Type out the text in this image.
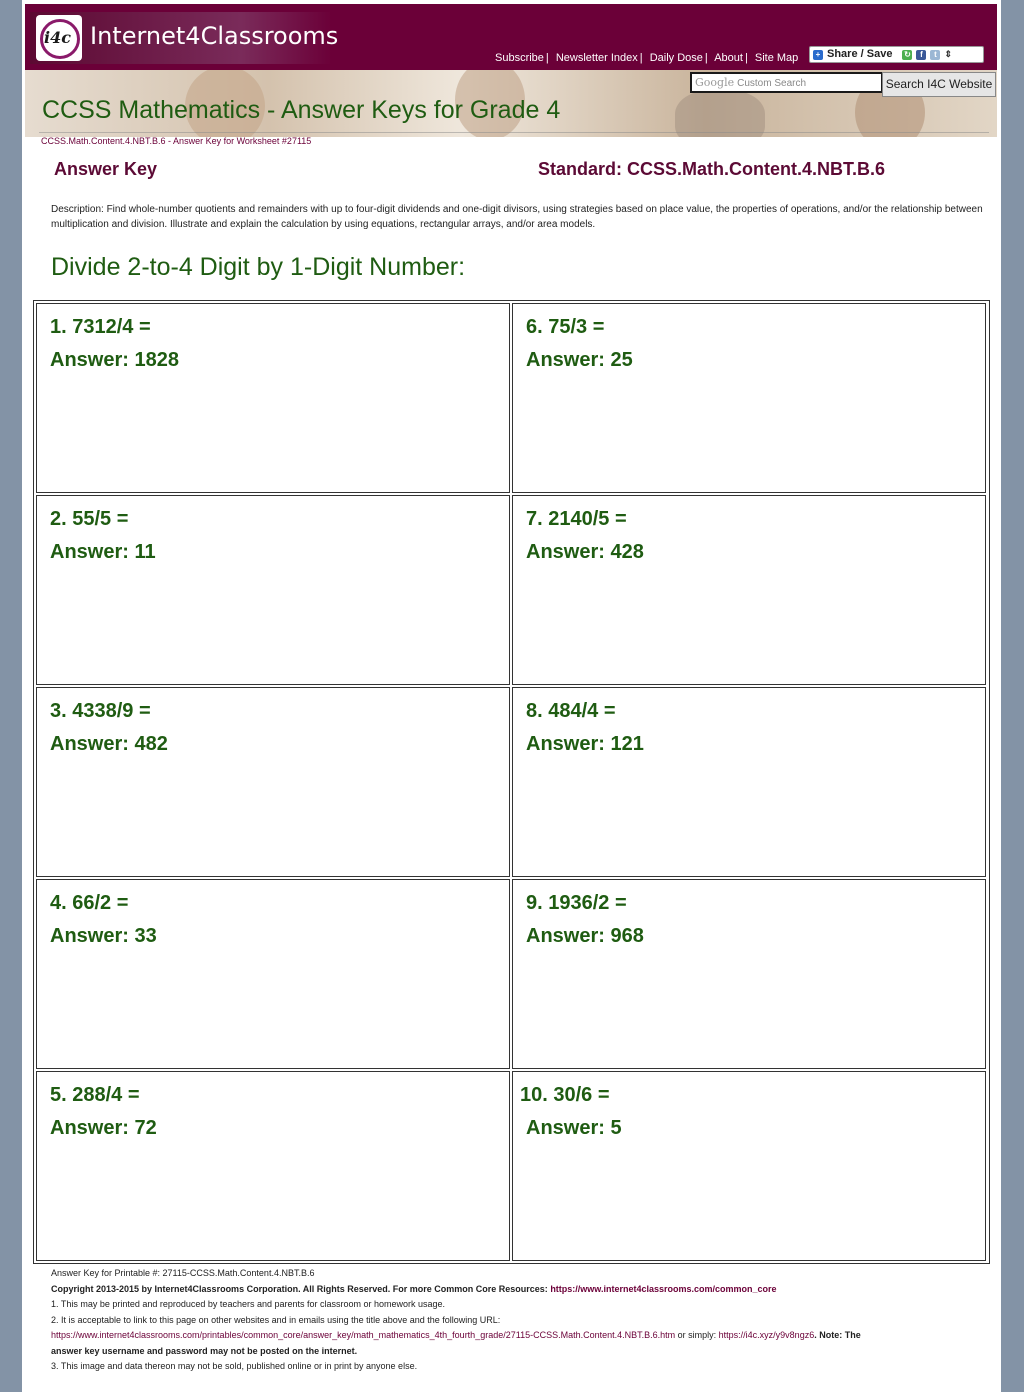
i4c Internet4Classrooms
Subscribe | Newsletter Index | Daily Dose | About | Site Map	+ Share / Save ↻	f	t ⇕
Google Custom Search	Search I4C Website
CCSS Mathematics - Answer Keys for Grade 4
CCSS.Math.Content.4.NBT.B.6 - Answer Key for Worksheet #27115
Answer Key	Standard: CCSS.Math.Content.4.NBT.B.6
Description: Find whole-number quotients and remainders with up to four-digit dividends and one-digit divisors, using strategies based on place value, the properties of operations, and/or the relationship between multiplication and division. Illustrate and explain the calculation by using equations, rectangular arrays, and/or area models.
Divide 2-to-4 Digit by 1-Digit Number:
1. 7312/4 =
Answer: 1828
2. 55/5 =
Answer: 11
3. 4338/9 =
Answer: 482
4. 66/2 =
Answer: 33
5. 288/4 =
Answer: 72
6. 75/3 =
Answer: 25
7. 2140/5 =
Answer: 428
8. 484/4 =
Answer: 121
9. 1936/2 =
Answer: 968
10. 30/6 =
Answer: 5
Answer Key for Printable #: 27115-CCSS.Math.Content.4.NBT.B.6
Copyright 2013-2015 by Internet4Classrooms Corporation. All Rights Reserved. For more Common Core Resources: https://www.internet4classrooms.com/common_core
1. This may be printed and reproduced by teachers and parents for classroom or homework usage.
2. It is acceptable to link to this page on other websites and in emails using the title above and the following URL:
https://www.internet4classrooms.com/printables/common_core/answer_key/math_mathematics_4th_fourth_grade/27115-CCSS.Math.Content.4.NBT.B.6.htm or simply: https://i4c.xyz/y9v8ngz6. Note: The
answer key username and password may not be posted on the internet.
3. This image and data thereon may not be sold, published online or in print by anyone else.
